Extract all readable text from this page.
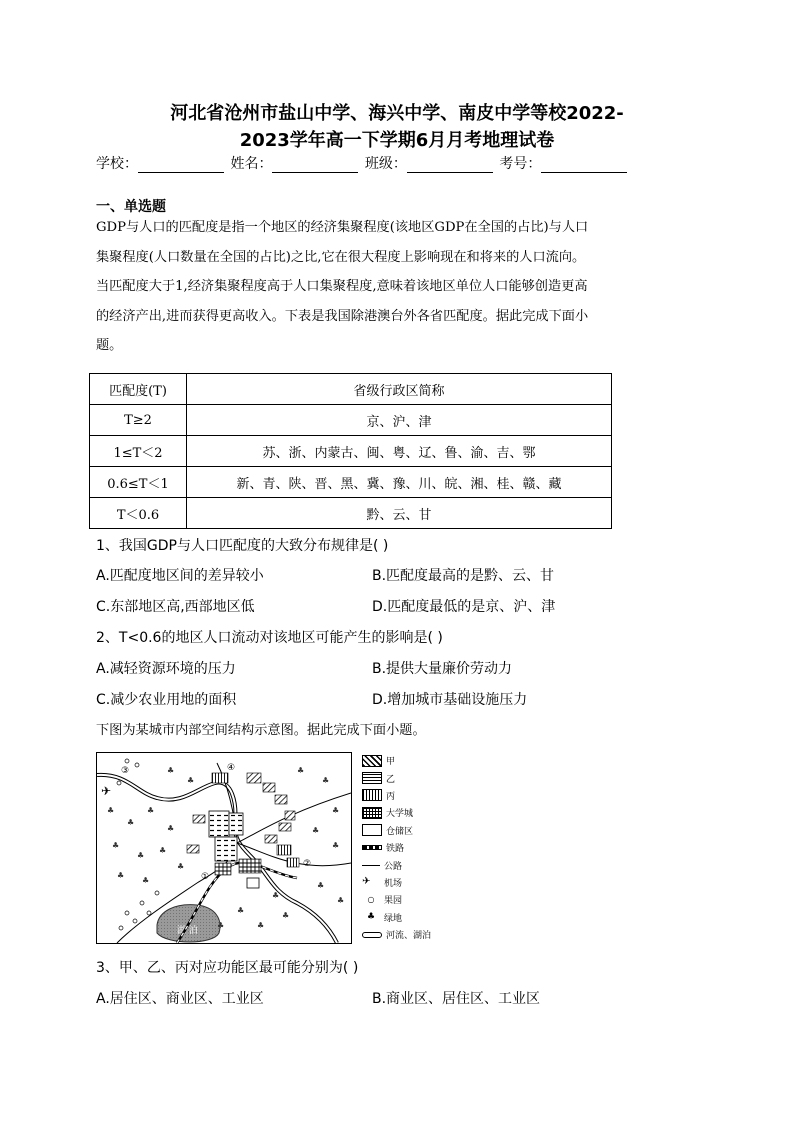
河北省沧州市盐山中学、海兴中学、南皮中学等校2022-
2023学年高一下学期6月月考地理试卷
学校：	姓名：	班级：	考号：
一、单选题
GDP与人口的匹配度是指一个地区的经济集聚程度(该地区GDP在全国的占比)与人口
集聚程度(人口数量在全国的占比)之比,它在很大程度上影响现在和将来的人口流向。
当匹配度大于1,经济集聚程度高于人口集聚程度,意味着该地区单位人口能够创造更高
的经济产出,进而获得更高收入。下表是我国除港澳台外各省匹配度。据此完成下面小
题。
匹配度(T)	省级行政区简称
T≥2	京、沪、津
1≤T＜2	苏、浙、内蒙古、闽、粤、辽、鲁、渝、吉、鄂
0.6≤T＜1	新、青、陕、晋、黑、冀、豫、川、皖、湘、桂、赣、藏
T＜0.6	黔、云、甘
1、我国GDP与人口匹配度的大致分布规律是( )
A.匹配度地区间的差异较小	B.匹配度最高的是黔、云、甘
C.东部地区高,西部地区低	D.匹配度最低的是京、沪、津
2、T<0.6的地区人口流动对该地区可能产生的影响是( )
A.减轻资源环境的压力	B.提供大量廉价劳动力
C.减少农业用地的面积	D.增加城市基础设施压力
下图为某城市内部空间结构示意图。据此完成下面小题。
湖 泊
③	④
①
②
✈
♣
♣
♣
♣
♣
♣
♣
♣
♣
♣
♣
♣
♣
♣
♣
♣
♣
♣
♣
♣
♣
♣
♣
♣
甲
乙
丙
大学城
仓储区
铁路
公路
✈	机场
○	果园
♣ 绿地
河流、湖泊
3、甲、乙、丙对应功能区最可能分别为( )
A.居住区、商业区、工业区	B.商业区、居住区、工业区
